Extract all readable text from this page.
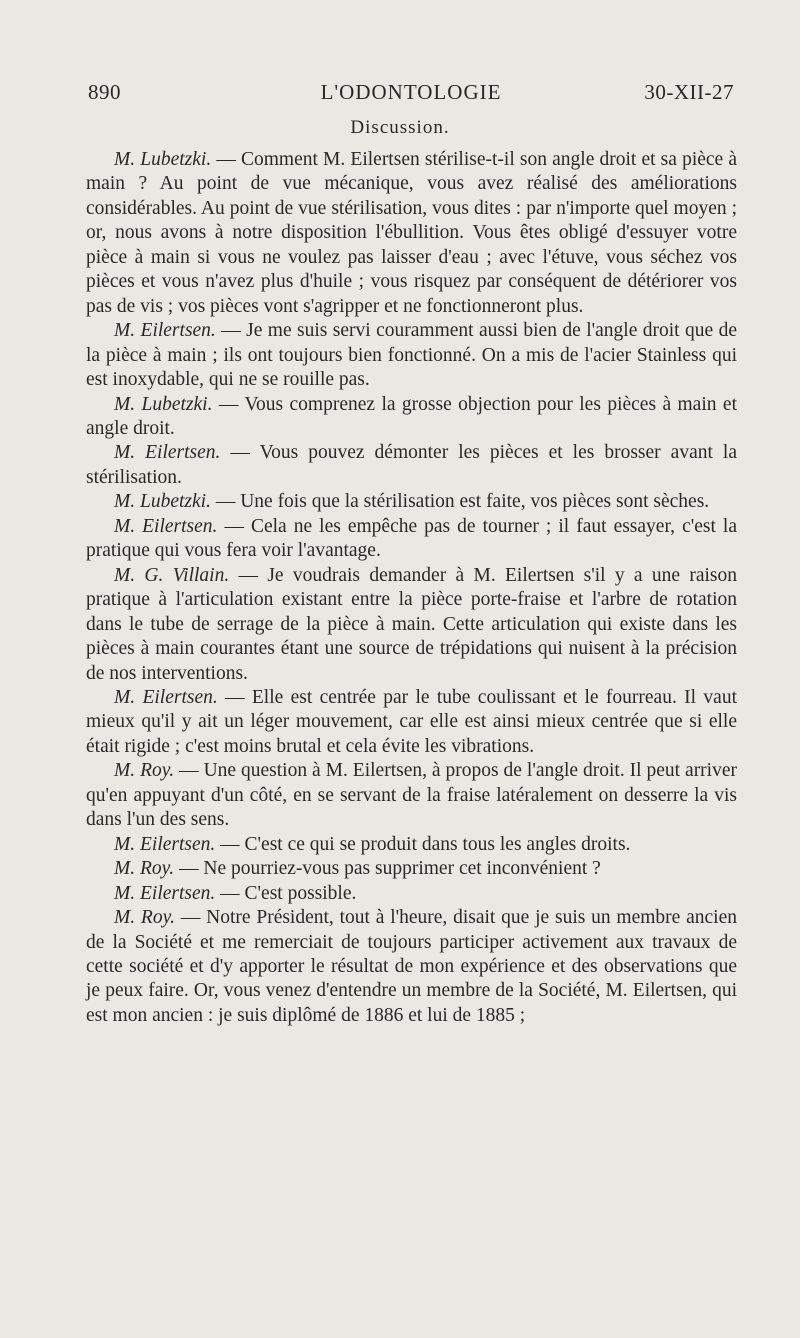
890	L'ODONTOLOGIE	30-XII-27
Discussion.

M. Lubetzki. — Comment M. Eilertsen stérilise-t-il son angle droit et sa pièce à main ? Au point de vue mécanique, vous avez réalisé des améliorations considérables. Au point de vue stérilisation, vous dites : par n'importe quel moyen ; or, nous avons à notre disposition l'ébullition. Vous êtes obligé d'essuyer votre pièce à main si vous ne voulez pas laisser d'eau ; avec l'étuve, vous séchez vos pièces et vous n'avez plus d'huile ; vous risquez par conséquent de détériorer vos pas de vis ; vos pièces vont s'agripper et ne fonctionneront plus.

M. Eilertsen. — Je me suis servi couramment aussi bien de l'angle droit que de la pièce à main ; ils ont toujours bien fonctionné. On a mis de l'acier Stainless qui est inoxydable, qui ne se rouille pas.

M. Lubetzki. — Vous comprenez la grosse objection pour les pièces à main et angle droit.

M. Eilertsen. — Vous pouvez démonter les pièces et les brosser avant la stérilisation.

M. Lubetzki. — Une fois que la stérilisation est faite, vos pièces sont sèches.

M. Eilertsen. — Cela ne les empêche pas de tourner ; il faut essayer, c'est la pratique qui vous fera voir l'avantage.

M. G. Villain. — Je voudrais demander à M. Eilertsen s'il y a une raison pratique à l'articulation existant entre la pièce porte-fraise et l'arbre de rotation dans le tube de serrage de la pièce à main. Cette articulation qui existe dans les pièces à main courantes étant une source de trépidations qui nuisent à la précision de nos interventions.

M. Eilertsen. — Elle est centrée par le tube coulissant et le fourreau. Il vaut mieux qu'il y ait un léger mouvement, car elle est ainsi mieux centrée que si elle était rigide ; c'est moins brutal et cela évite les vibrations.

M. Roy. — Une question à M. Eilertsen, à propos de l'angle droit. Il peut arriver qu'en appuyant d'un côté, en se servant de la fraise latéralement on desserre la vis dans l'un des sens.

M. Eilertsen. — C'est ce qui se produit dans tous les angles droits.

M. Roy. — Ne pourriez-vous pas supprimer cet inconvénient ?

M. Eilertsen. — C'est possible.

M. Roy. — Notre Président, tout à l'heure, disait que je suis un membre ancien de la Société et me remerciait de toujours participer activement aux travaux de cette société et d'y apporter le résultat de mon expérience et des observations que je peux faire. Or, vous venez d'entendre un membre de la Société, M. Eilertsen, qui est mon ancien : je suis diplômé de 1886 et lui de 1885 ;
